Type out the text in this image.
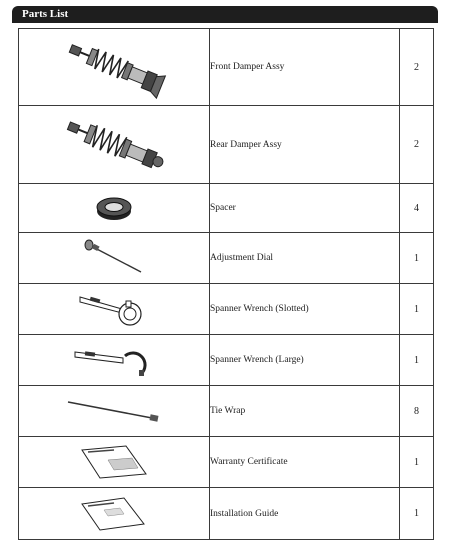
Parts List
	Front Damper Assy	2

	Rear Damper Assy	2

	Spacer	4

	Adjustment Dial	1

	Spanner Wrench (Slotted)	1

	Spanner Wrench (Large)	1

	Tie Wrap	8

	Warranty Certificate	1

	Installation Guide	1
